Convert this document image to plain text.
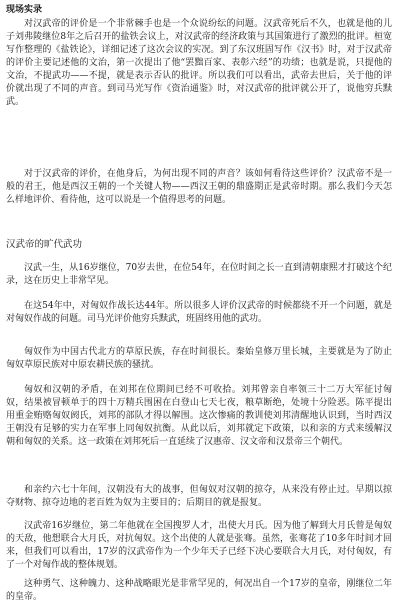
现场实录

对汉武帝的评价是一个非常棘手也是一个众说纷纭的问题。汉武帝死后不久，也就是他的儿子刘弗陵继位8年之后召开的盐铁会议上，对汉武帝的经济政策与其国策进行了激烈的批评。桓宽写作整理的《盐铁论》，详细记述了这次会议的实况。到了东汉班固写作《汉书》时，对于汉武帝的评价主要记述他的文治，第一次提出了他“罢黜百家、表彰六经”的功绩；也就是说，只提他的文治，不提武功——不提，就是表示否认的批评。所以我们可以看出，武帝去世后，关于他的评价就出现了不同的声音。到司马光写作《资治通鉴》时，对汉武帝的批评就公开了，说他穷兵黩武。

对于汉武帝的评价，在他身后，为何出现不同的声音？该如何看待这些评价？汉武帝不是一般的君王，他是西汉王朝的一个关键人物——西汉王朝的鼎盛期正是武帝时期。那么我们今天怎么样地评价、看待他，这可以说是一个值得思考的问题。

汉武帝的旷代武功

汉武一生，从16岁继位，70岁去世，在位54年，在位时间之长一直到清朝康熙才打破这个纪录，这在历史上非常罕见。

在这54年中，对匈奴作战长达44年。所以很多人评价汉武帝的时候都绕不开一个问题，就是对匈奴作战的问题。司马光评价他穷兵黩武，班固终用他的武功。

匈奴作为中国古代北方的草原民族，存在时间很长。秦始皇修万里长城，主要就是为了防止匈奴草原民族对中原农耕民族的骚扰。

匈奴和汉朝的矛盾，在刘邦在位期间已经不可收拾。刘邦曾亲自率领三十二万大军征讨匈奴，结果被冒顿单于的四十万精兵围困在白登山七天七夜，粮草断绝，处境十分险恶。陈平提出用重金贿赂匈奴阏氏，刘邦的部队才得以解围。这次惨痛的教训使刘邦清醒地认识到，当时西汉王朝没有足够的实力在军事上同匈奴抗衡。从此以后，刘邦就定下政策，以和亲的方式来缓解汉朝和匈奴的关系。这一政策在刘邦死后一直延续了汉惠帝、汉文帝和汉景帝三个朝代。

和亲约六七十年间，汉朝没有大的战事，但匈奴对汉朝的掠夺，从来没有停止过。早期以掠夺财物、掠夺边地的老百姓为奴为主要目的；后期目的就是报复。

汉武帝16岁继位，第二年他就在全国搜罗人才，出使大月氏。因为他了解到大月氏曾是匈奴的天敌，他想联合大月氏，对抗匈奴。这个出使的人就是张骞。虽然，张骞花了10多年时间才回来，但我们可以看出，17岁的汉武帝作为一个少年天子已经下决心要联合大月氏，对付匈奴，有了一个对匈作战的整体规划。

这种勇气、这种魄力、这种战略眼光是非常罕见的，何况出自一个17岁的皇帝，刚继位二年的皇帝。
